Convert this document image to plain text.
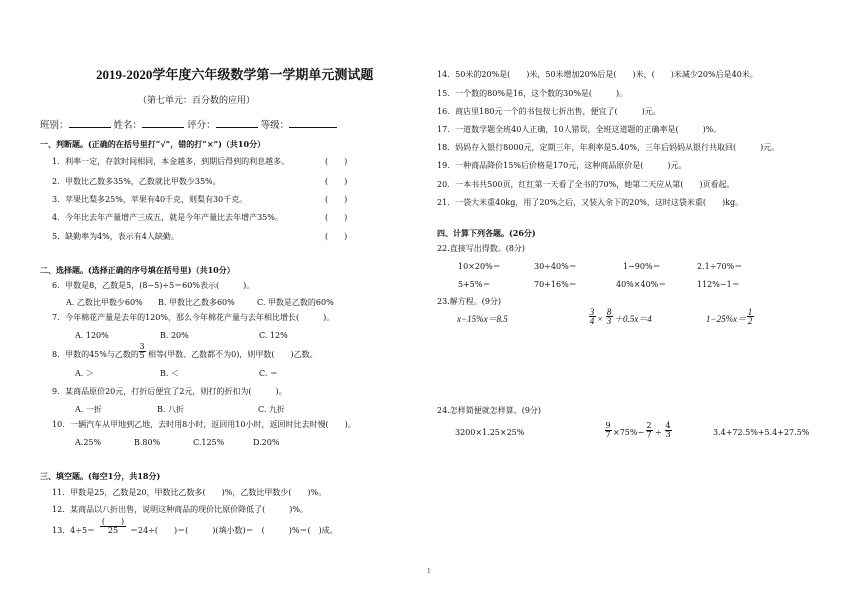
2019-2020学年度六年级数学第一学期单元测试题
（第七单元：百分数的应用）
班别：	姓名：	评分：	等级：
一、判断题。(正确的在括号里打“√”，错的打“×”)（共10分）
1．利率一定，存款时间相同，本金越多，到期后得到的利息越多。
2．甲数比乙数多35%，乙数就比甲数少35%。
3．苹果比梨多25%，苹果有40千克，则梨有30千克。
4．今年比去年产量增产三成五，就是今年产量比去年增产35%。
5．缺勤率为4%，表示有4人缺勤。
(　　)
(　　)
(　　)
(　　)
(　　)
二、选择题。(选择正确的序号填在括号里)（共10分）
6．甲数是8，乙数是5，(8−5)÷5＝60%表示(　　　)。
A. 乙数比甲数少60% B. 甲数比乙数多60%	C. 甲数是乙数的60%
7．今年棉花产量是去年的120%，那么今年棉花产量与去年相比增长(　　　)。
A. 120%	B. 20%	C. 12%
8．甲数的45%与乙数的
3
5 相等(甲数、乙数都不为0)，则甲数(　　)乙数。
A. ＞	B. ＜	C. ＝
9．某商品原价20元，打折后便宜了2元，则打的折扣为(　　　)。
A. 一折	B. 八折	C. 九折
10．一辆汽车从甲地到乙地，去时用8小时，返回用10小时，返回时比去时慢(　　)。
A.25%	B.80%	C.125%	D.20%
三、填空题。(每空1分，共18分)
11．甲数是25，乙数是20，甲数比乙数多(　　)%，乙数比甲数少(　　)%。
12．某商品以八折出售，说明这种商品的现价比原价降低了(　　　)%。
13．4÷5＝
(　　)
25	＝24÷(　　)＝(　　　)(填小数)＝　(　　　)%＝(　)成。
14．50米的20%是(　　)米，50米增加20%后是(　　)米，(　　)米减少20%后是40米。
15．一个数的80%是16，这个数的30%是(　　　)。
16．商店里180元一个的书包按七折出售，便宜了(　　　)元。
17．一道数学题全班40人正确，10人错误，全班这道题的正确率是(　　　)%。
18．妈妈存入银行8000元，定期三年，年利率是5.40%，三年后妈妈从银行共取回(　　　)元。
19．一种商品降价15%后价格是170元，这种商品原价是(　　　)元。
20．一本书共500页，红红第一天看了全书的70%，她第二天应从第(　　)页看起。
21．一袋大米重40kg，用了20%之后，又装入余下的20%，这时这袋米重(　　)kg。
四、计算下列各题。(26分)
22.直接写出得数。(8分)
10×20%＝	30÷40%＝	1−90%＝	2.1÷70%＝
5+5%＝	70+16%＝	40%×40%＝	112%−1＝
23.解方程。(9分)
x−15%x＝8.5
3
4 ×
8
3 ＋0.5x＝4	1−25%x＝
1
2
24.怎样简便就怎样算。(9分)
3200×1.25×25%
9
7 ×75%−
2
7 ÷
4
3	3.4+72.5%+5.4+27.5%
1
